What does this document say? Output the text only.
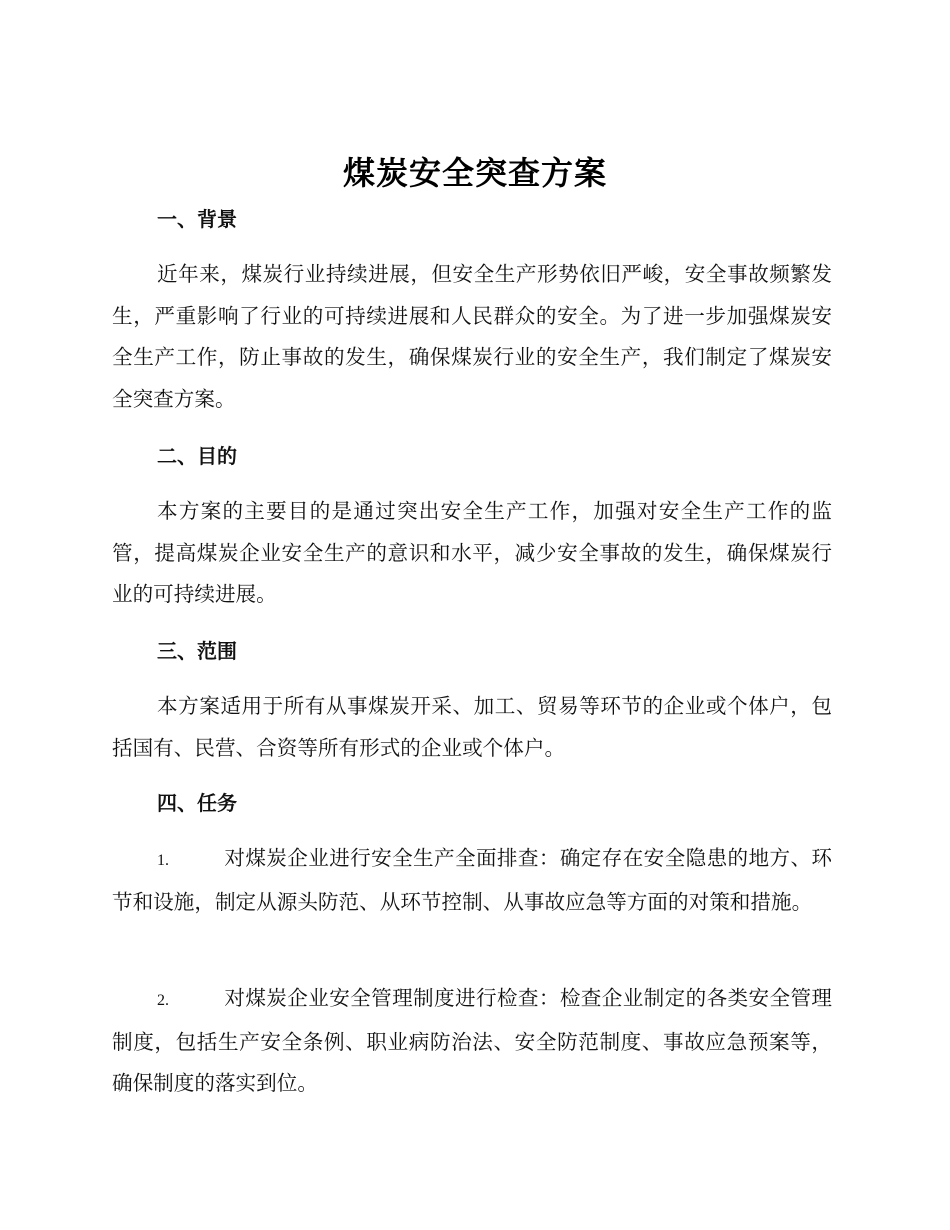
煤炭安全突查方案
一、背景

近年来，煤炭行业持续进展，但安全生产形势依旧严峻，安全事故频繁发生，严重影响了行业的可持续进展和人民群众的安全。为了进一步加强煤炭安全生产工作，防止事故的发生，确保煤炭行业的安全生产，我们制定了煤炭安全突查方案。

二、目的

本方案的主要目的是通过突出安全生产工作，加强对安全生产工作的监管，提高煤炭企业安全生产的意识和水平，减少安全事故的发生，确保煤炭行业的可持续进展。

三、范围

本方案适用于所有从事煤炭开采、加工、贸易等环节的企业或个体户，包括国有、民营、合资等所有形式的企业或个体户。

四、任务

1.	对煤炭企业进行安全生产全面排查：确定存在安全隐患的地方、环节和设施，制定从源头防范、从环节控制、从事故应急等方面的对策和措施。

2.	对煤炭企业安全管理制度进行检查：检查企业制定的各类安全管理制度，包括生产安全条例、职业病防治法、安全防范制度、事故应急预案等，确保制度的落实到位。
